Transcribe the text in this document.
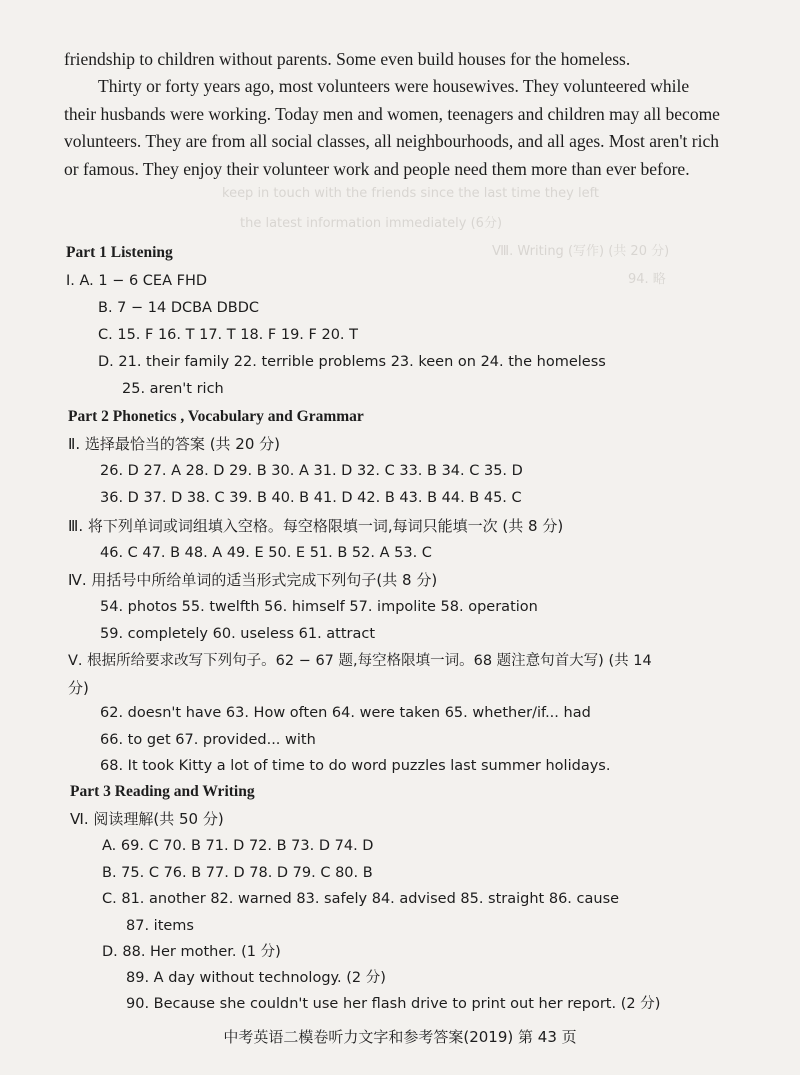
keep in touch with the friends since the last time they left
the latest information immediately (6分)
Ⅷ. Writing (写作) (共 20 分)
94. 略

friendship to children without parents. Some even build houses for the homeless.

Thirty or forty years ago, most volunteers were housewives. They volunteered while their husbands were working. Today men and women, teenagers and children may all become volunteers. They are from all social classes, all neighbourhoods, and all ages. Most aren't rich or famous. They enjoy their volunteer work and people need them more than ever before.

Part 1 Listening
Ⅰ. A. 1 − 6 CEA FHD
B. 7 − 14 DCBA DBDC
C. 15. F 16. T 17. T 18. F 19. F 20. T
D. 21. their family 22. terrible problems 23. keen on 24. the homeless
25. aren't rich
Part 2 Phonetics , Vocabulary and Grammar
Ⅱ. 选择最恰当的答案 (共 20 分)
26. D 27. A 28. D 29. B 30. A 31. D 32. C 33. B 34. C 35. D
36. D 37. D 38. C 39. B 40. B 41. D 42. B 43. B 44. B 45. C
Ⅲ. 将下列单词或词组填入空格。每空格限填一词,每词只能填一次 (共 8 分)
46. C 47. B 48. A 49. E 50. E 51. B 52. A 53. C
Ⅳ. 用括号中所给单词的适当形式完成下列句子(共 8 分)
54. photos 55. twelfth 56. himself 57. impolite 58. operation
59. completely 60. useless 61. attract
Ⅴ. 根据所给要求改写下列句子。62 − 67 题,每空格限填一词。68 题注意句首大写) (共 14
分)
62. doesn't have 63. How often 64. were taken 65. whether/if... had
66. to get 67. provided... with
68. It took Kitty a lot of time to do word puzzles last summer holidays.
Part 3 Reading and Writing
Ⅵ. 阅读理解(共 50 分)
A. 69. C 70. B 71. D 72. B 73. D 74. D
B. 75. C 76. B 77. D 78. D 79. C 80. B
C. 81. another 82. warned 83. safely 84. advised 85. straight 86. cause
87. items
D. 88. Her mother. (1 分)
89. A day without technology. (2 分)
90. Because she couldn't use her flash drive to print out her report. (2 分)
中考英语二模卷听力文字和参考答案(2019) 第 43 页
